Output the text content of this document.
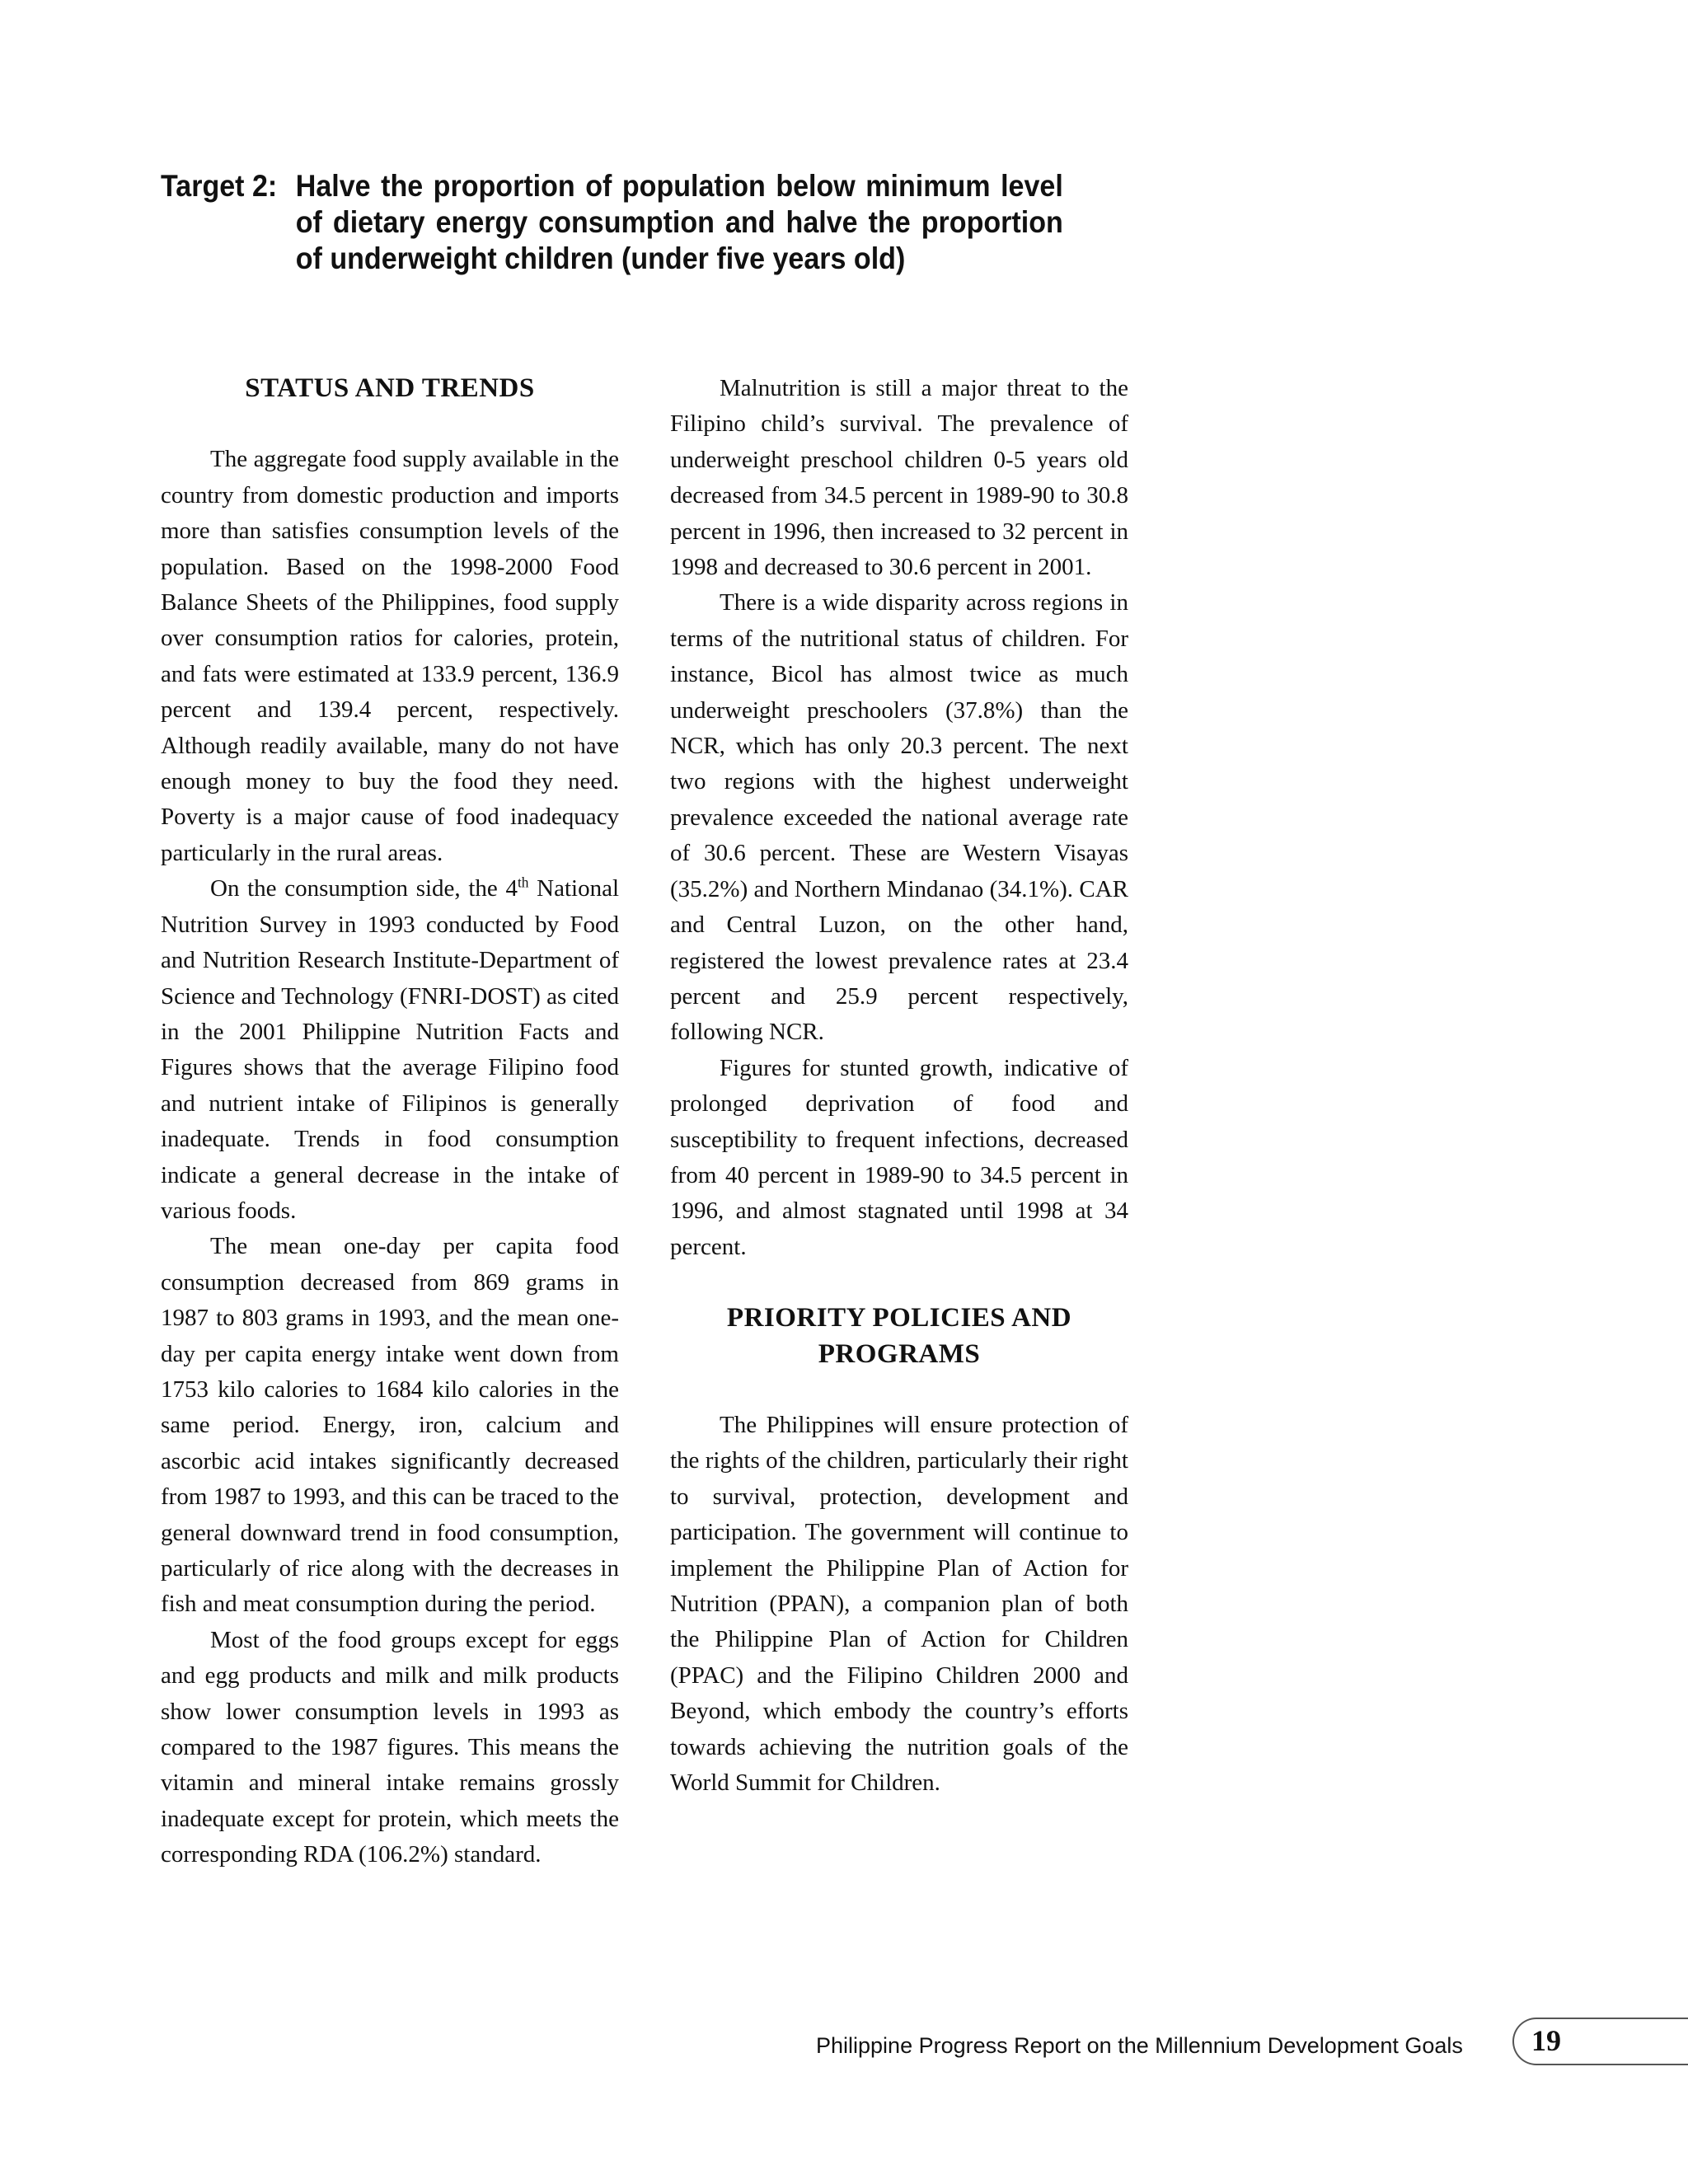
Target 2: Halve the proportion of population below minimum level of dietary energy consumption and halve the proportion of underweight children (under five years old)
STATUS AND TRENDS

The aggregate food supply available in the country from domestic production and imports more than satisfies consumption levels of the population. Based on the 1998-2000 Food Balance Sheets of the Philippines, food supply over consumption ratios for calories, protein, and fats were estimated at 133.9 percent, 136.9 percent and 139.4 percent, respectively. Although readily available, many do not have enough money to buy the food they need. Poverty is a major cause of food inadequacy particularly in the rural areas.

On the consumption side, the 4th National Nutrition Survey in 1993 conducted by Food and Nutrition Research Institute-Department of Science and Technology (FNRI-DOST) as cited in the 2001 Philippine Nutrition Facts and Figures shows that the average Filipino food and nutrient intake of Filipinos is generally inadequate. Trends in food consumption indicate a general decrease in the intake of various foods.

The mean one-day per capita food consumption decreased from 869 grams in 1987 to 803 grams in 1993, and the mean one-day per capita energy intake went down from 1753 kilo calories to 1684 kilo calories in the same period. Energy, iron, calcium and ascorbic acid intakes significantly decreased from 1987 to 1993, and this can be traced to the general downward trend in food consumption, particularly of rice along with the decreases in fish and meat consumption during the period.

Most of the food groups except for eggs and egg products and milk and milk products show lower consumption levels in 1993 as compared to the 1987 figures. This means the vitamin and mineral intake remains grossly inadequate except for protein, which meets the corresponding RDA (106.2%) standard.

Malnutrition is still a major threat to the Filipino child’s survival. The prevalence of underweight preschool children 0-5 years old decreased from 34.5 percent in 1989-90 to 30.8 percent in 1996, then increased to 32 percent in 1998 and decreased to 30.6 percent in 2001.

There is a wide disparity across regions in terms of the nutritional status of children. For instance, Bicol has almost twice as much underweight preschoolers (37.8%) than the NCR, which has only 20.3 percent. The next two regions with the highest underweight prevalence exceeded the national average rate of 30.6 percent. These are Western Visayas (35.2%) and Northern Mindanao (34.1%). CAR and Central Luzon, on the other hand, registered the lowest prevalence rates at 23.4 percent and 25.9 percent respectively, following NCR.

Figures for stunted growth, indicative of prolonged deprivation of food and susceptibility to frequent infections, decreased from 40 percent in 1989-90 to 34.5 percent in 1996, and almost stagnated until 1998 at 34 percent.

PRIORITY POLICIES AND PROGRAMS

The Philippines will ensure protection of the rights of the children, particularly their right to survival, protection, development and participation. The government will continue to implement the Philippine Plan of Action for Nutrition (PPAN), a companion plan of both the Philippine Plan of Action for Children (PPAC) and the Filipino Children 2000 and Beyond, which embody the country’s efforts towards achieving the nutrition goals of the World Summit for Children.

Philippine Progress Report on the Millennium Development Goals 19
